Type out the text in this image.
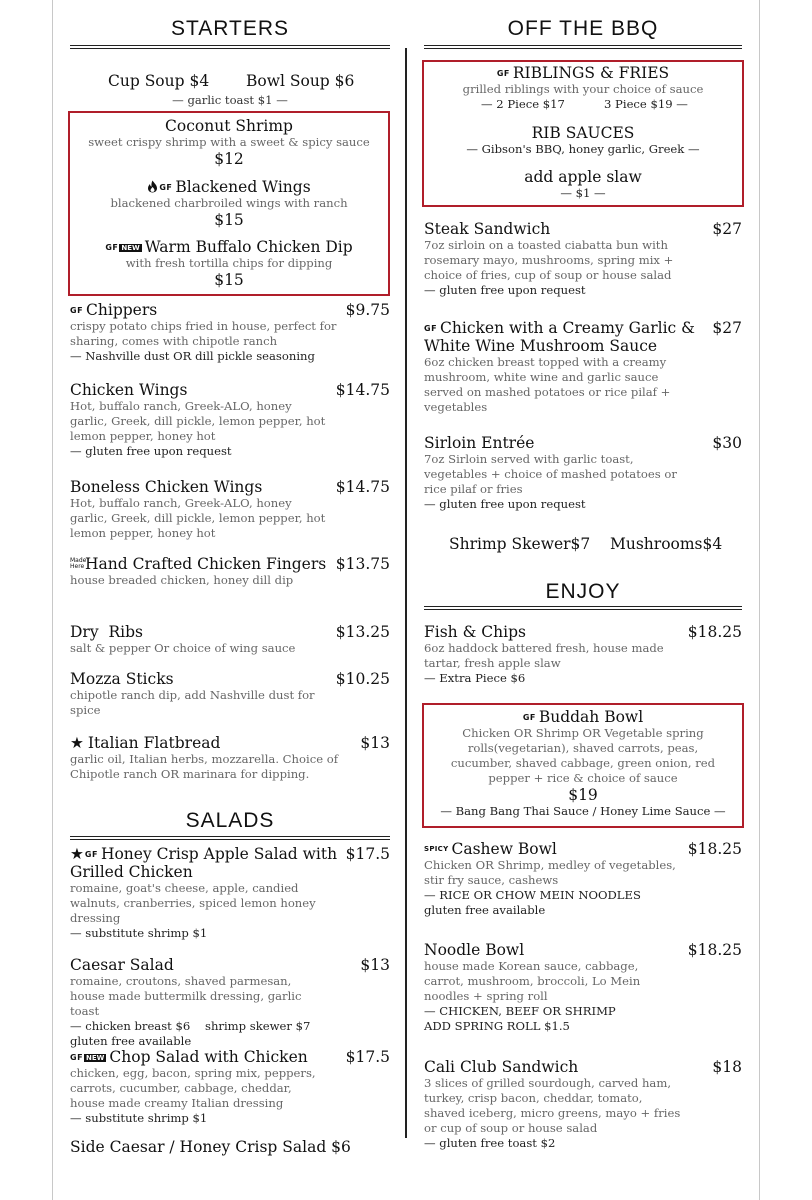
STARTERS
Cup Soup $4 Bowl Soup $6
— garlic toast $1 —
Coconut Shrimp
sweet crispy shrimp with a sweet & spicy sauce
$12
GF Blackened Wings
blackened charbroiled wings with ranch
$15
GF NEW Warm Buffalo Chicken Dip
with fresh tortilla chips for dipping
$15
GF Chippers	$9.75
crispy potato chips fried in house, perfect for sharing, comes with chipotle ranch
— Nashville dust OR dill pickle seasoning
Chicken Wings	$14.75
Hot, buffalo ranch, Greek-ALO, honey garlic, Greek, dill pickle, lemon pepper, hot lemon pepper, honey hot
— gluten free upon request
Boneless Chicken Wings	$14.75
Hot, buffalo ranch, Greek-ALO, honey garlic, Greek, dill pickle, lemon pepper, hot lemon pepper, honey hot
Made HereHand Crafted Chicken Fingers $13.75
house breaded chicken, honey dill dip
Dry  Ribs	$13.25
salt & pepper Or choice of wing sauce
Mozza Sticks	$10.25
chipotle ranch dip, add Nashville dust for spice
★ Italian Flatbread	$13
garlic oil, Italian herbs, mozzarella. Choice of Chipotle ranch OR marinara for dipping.
SALADS
★GF Honey Crisp Apple Salad with Grilled Chicken
$17.5
romaine, goat's cheese, apple, candied walnuts, cranberries, spiced lemon honey dressing
— substitute shrimp $1
Caesar Salad	$13
romaine, croutons, shaved parmesan, house made buttermilk dressing, garlic toast
— chicken breast $6    shrimp skewer $7
gluten free available
GF NEW Chop Salad with Chicken	$17.5
chicken, egg, bacon, spring mix, peppers, carrots, cucumber, cabbage, cheddar, house made creamy Italian dressing
— substitute shrimp $1
Side Caesar / Honey Crisp Salad $6
OFF THE BBQ
GF RIBLINGS & FRIES
grilled riblings with your choice of sauce
— 2 Piece $17	3 Piece $19 —
RIB SAUCES
— Gibson's BBQ, honey garlic, Greek —
add apple slaw
— $1 —
Steak Sandwich	$27
7oz sirloin on a toasted ciabatta bun with rosemary mayo, mushrooms, spring mix + choice of fries, cup of soup or house salad
— gluten free upon request
GF Chicken with a Creamy Garlic & White Wine Mushroom Sauce
$27
6oz chicken breast topped with a creamy mushroom, white wine and garlic sauce served on mashed potatoes or rice pilaf + vegetables
Sirloin Entrée	$30
7oz Sirloin served with garlic toast, vegetables + choice of mashed potatoes or rice pilaf or fries
— gluten free upon request
Shrimp Skewer$7 Mushrooms$4
ENJOY
Fish & Chips	$18.25
6oz haddock battered fresh, house made tartar, fresh apple slaw
— Extra Piece $6
GF Buddah Bowl
Chicken OR Shrimp OR Vegetable spring rolls(vegetarian), shaved carrots, peas, cucumber, shaved cabbage, green onion, red pepper + rice & choice of sauce
$19
— Bang Bang Thai Sauce / Honey Lime Sauce —
SPICY Cashew Bowl	$18.25
Chicken OR Shrimp, medley of vegetables, stir fry sauce, cashews
— RICE OR CHOW MEIN NOODLES
gluten free available
Noodle Bowl	$18.25
house made Korean sauce, cabbage, carrot, mushroom, broccoli, Lo Mein noodles + spring roll
— CHICKEN, BEEF OR SHRIMP
ADD SPRING ROLL $1.5
Cali Club Sandwich	$18
3 slices of grilled sourdough, carved ham, turkey, crisp bacon, cheddar, tomato, shaved iceberg, micro greens, mayo + fries or cup of soup or house salad
— gluten free toast $2
